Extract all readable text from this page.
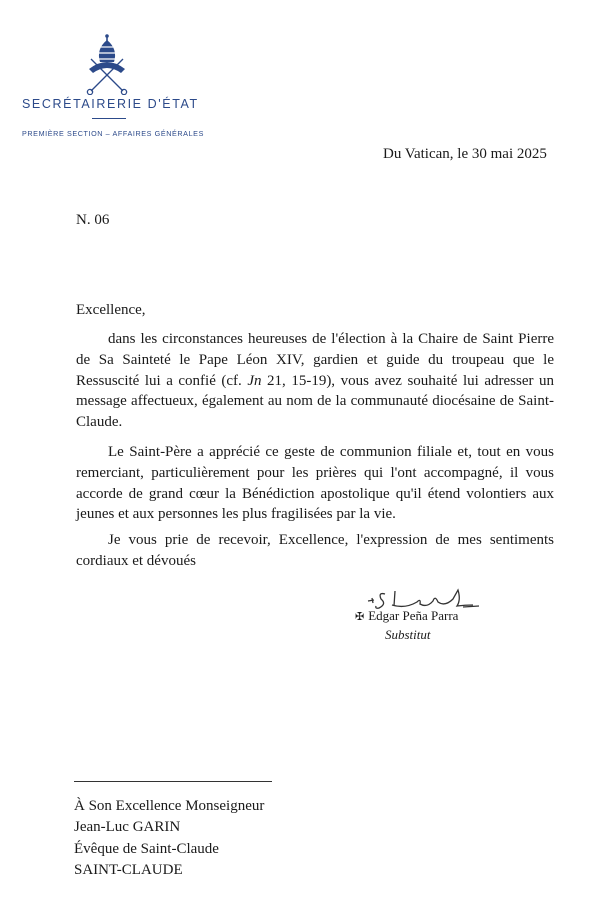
SECRÉTAIRERIE D'ÉTAT
PREMIÈRE SECTION – AFFAIRES GÉNÉRALES
Du Vatican, le 30 mai 2025
N. 06
Excellence,

dans les circonstances heureuses de l'élection à la Chaire de Saint Pierre de Sa Sainteté le Pape Léon XIV, gardien et guide du troupeau que le Ressuscité lui a confié (cf. Jn 21, 15-19), vous avez souhaité lui adresser un message affectueux, également au nom de la communauté diocésaine de Saint-Claude.

Le Saint-Père a apprécié ce geste de communion filiale et, tout en vous remerciant, particulièrement pour les prières qui l'ont accompagné, il vous accorde de grand cœur la Bénédiction apostolique qu'il étend volontiers aux jeunes et aux personnes les plus fragilisées par la vie.

Je vous prie de recevoir, Excellence, l'expression de mes sentiments cordiaux et dévoués

✠ Edgar Peña Parra
Substitut
À Son Excellence Monseigneur
Jean-Luc GARIN
Évêque de Saint-Claude
SAINT-CLAUDE
